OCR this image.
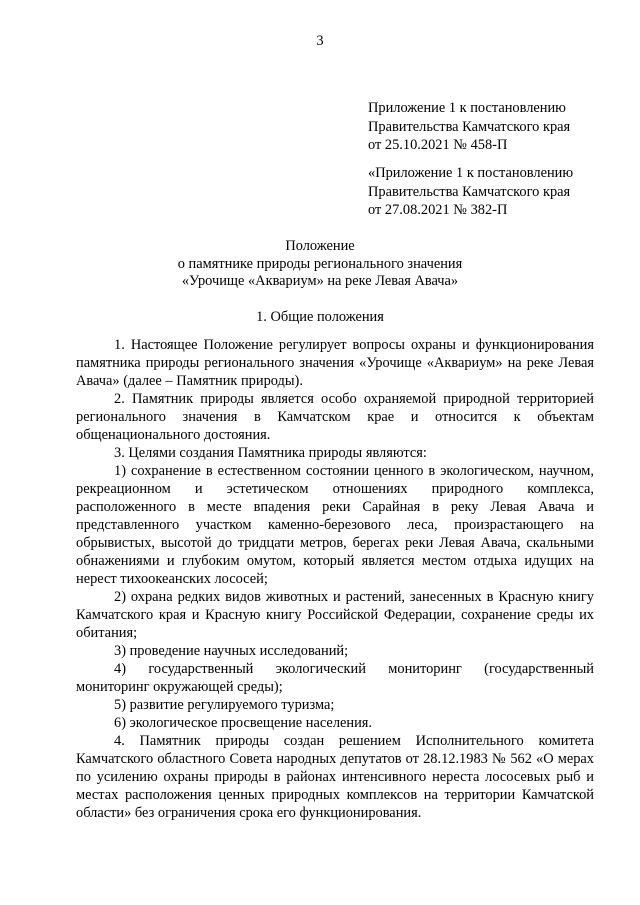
3
Приложение 1 к постановлению
Правительства Камчатского края
от 25.10.2021 № 458-П
«Приложение 1 к постановлению
Правительства Камчатского края
от 27.08.2021 № 382-П
Положение
о памятнике природы регионального значения
«Урочище «Аквариум» на реке Левая Авача»
1. Общие положения

1. Настоящее Положение регулирует вопросы охраны и функционирования памятника природы регионального значения «Урочище «Аквариум» на реке Левая Авача» (далее – Памятник природы).

2. Памятник природы является особо охраняемой природной территорией регионального значения в Камчатском крае и относится к объектам общенационального достояния.

3. Целями создания Памятника природы являются:

1) сохранение в естественном состоянии ценного в экологическом, научном, рекреационном и эстетическом отношениях природного комплекса, расположенного в месте впадения реки Сарайная в реку Левая Авача и представленного участком каменно-березового леса, произрастающего на обрывистых, высотой до тридцати метров, берегах реки Левая Авача, скальными обнажениями и глубоким омутом, который является местом отдыха идущих на нерест тихоокеанских лососей;

2) охрана редких видов животных и растений, занесенных в Красную книгу Камчатского края и Красную книгу Российской Федерации, сохранение среды их обитания;

3) проведение научных исследований;

4) государственный экологический мониторинг (государственный мониторинг окружающей среды);

5) развитие регулируемого туризма;

6) экологическое просвещение населения.

4. Памятник природы создан решением Исполнительного комитета Камчатского областного Совета народных депутатов от 28.12.1983 № 562 «О мерах по усилению охраны природы в районах интенсивного нереста лососевых рыб и местах расположения ценных природных комплексов на территории Камчатской области» без ограничения срока его функционирования.
